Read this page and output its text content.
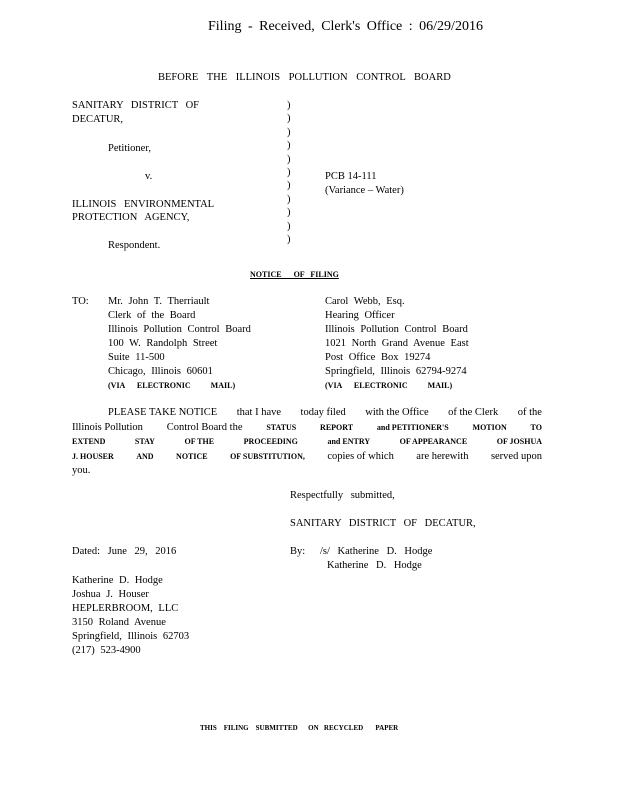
Filing - Received, Clerk's Office : 06/29/2016
BEFORE THE ILLINOIS POLLUTION CONTROL BOARD
SANITARY DISTRICT OF
DECATUR,
Petitioner,
v.
ILLINOIS ENVIRONMENTAL
PROTECTION AGENCY,
Respondent.
)
)
)
)
)
)
)
)
)
)
)
PCB 14-111
(Variance – Water)
NOTICE      OF   FILING
TO: Mr. John T. Therriault
Clerk of the Board
Illinois Pollution Control Board
100 W. Randolph Street
Suite 11-500
Chicago, Illinois 60601
(VIA      ELECTRONIC          MAIL)
Carol Webb, Esq.
Hearing Officer
Illinois Pollution Control Board
1021 North Grand Avenue East
Post Office Box 19274
Springfield, Illinois 62794-9274
(VIA      ELECTRONIC          MAIL)
PLEASE TAKE NOTICE that I have today filed with the Office of the Clerk of the
Illinois Pollution Control Board the	STATUS	REPORT	and PETITIONER'S	MOTION	TO
EXTEND	STAY	OF THE	PROCEEDING	and ENTRY	OF APPEARANCE	OF JOSHUA
J. HOUSER	AND	NOTICE	OF SUBSTITUTION, copies of which are herewith served upon
you.
Respectfully submitted,
SANITARY DISTRICT OF DECATUR,
Dated: June 29, 2016	By: /s/ Katherine D. Hodge
Katherine D. Hodge
Katherine D. Hodge
Joshua J. Houser
HEPLERBROOM, LLC
3150 Roland Avenue
Springfield, Illinois 62703
(217) 523-4900
THIS    FILING    SUBMITTED      ON   RECYCLED       PAPER
